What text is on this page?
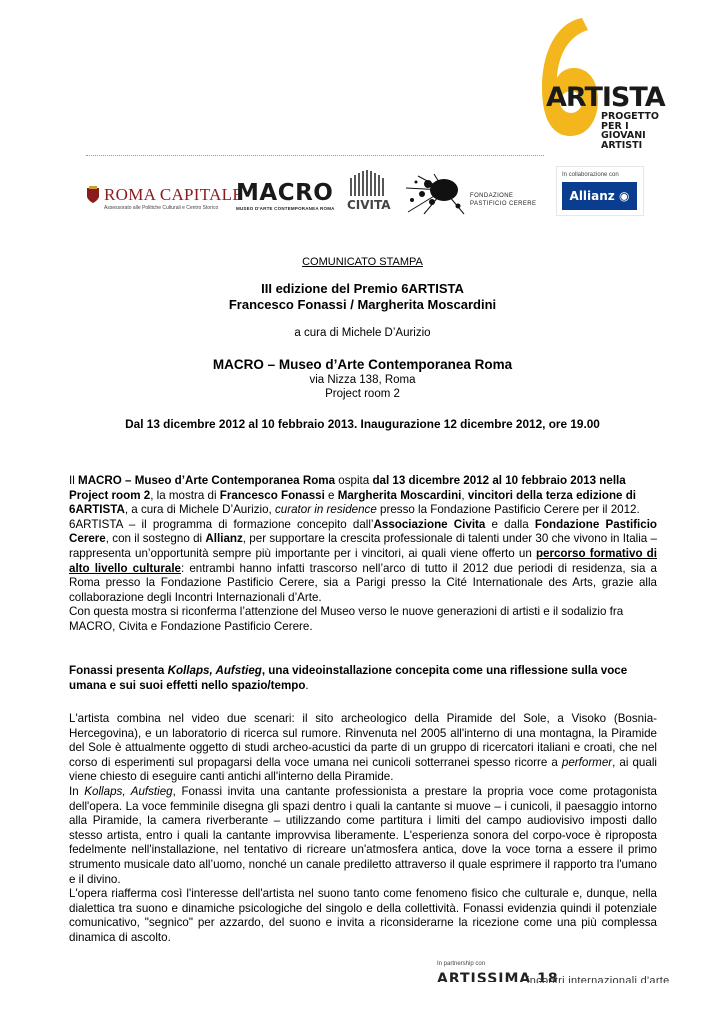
ARTISTA
PROGETTO
PER I
GIOVANI
ARTISTI
In collaborazione con
Allianz
◉
ROMA CAPITALE
Assessorato alle Politiche Culturali e Centro Storico
MACRO
MUSEO D'ARTE CONTEMPORANEA ROMA CIVITA
FONDAZIONE
PASTIFICIO CERERE
COMUNICATO STAMPA
III edizione del Premio 6ARTISTA
Francesco Fonassi / Margherita Moscardini
a cura di Michele D’Aurizio
MACRO – Museo d’Arte Contemporanea Roma
via Nizza 138, Roma
Project room 2
Dal 13 dicembre 2012 al 10 febbraio 2013. Inaugurazione 12 dicembre 2012, ore 19.00

Il MACRO – Museo d’Arte Contemporanea Roma ospita dal 13 dicembre 2012 al 10 febbraio 2013 nella Project room 2, la mostra di Francesco Fonassi e Margherita Moscardini, vincitori della terza edizione di 6ARTISTA, a cura di Michele D’Aurizio, curator in residence presso la Fondazione Pastificio Cerere per il 2012.

6ARTISTA – il programma di formazione concepito dall’Associazione Civita e dalla Fondazione Pastificio Cerere, con il sostegno di Allianz, per supportare la crescita professionale di talenti under 30 che vivono in Italia – rappresenta un’opportunità sempre più importante per i vincitori, ai quali viene offerto un percorso formativo di alto livello culturale: entrambi hanno infatti trascorso nell’arco di tutto il 2012 due periodi di residenza, sia a Roma presso la Fondazione Pastificio Cerere, sia a Parigi presso la Cité Internationale des Arts, grazie alla collaborazione degli Incontri Internazionali d’Arte.

Con questa mostra si riconferma l’attenzione del Museo verso le nuove generazioni di artisti e il sodalizio fra MACRO, Civita e Fondazione Pastificio Cerere.

Fonassi presenta Kollaps, Aufstieg, una videoinstallazione concepita come una riflessione sulla voce umana e sui suoi effetti nello spazio/tempo.

L'artista combina nel video due scenari: il sito archeologico della Piramide del Sole, a Visoko (Bosnia-Hercegovina), e un laboratorio di ricerca sul rumore. Rinvenuta nel 2005 all'interno di una montagna, la Piramide del Sole è attualmente oggetto di studi archeo-acustici da parte di un gruppo di ricercatori italiani e croati, che nel corso di esperimenti sul propagarsi della voce umana nei cunicoli sotterranei spesso ricorre a performer, ai quali viene chiesto di eseguire canti antichi all'interno della Piramide.

In Kollaps, Aufstieg, Fonassi invita una cantante professionista a prestare la propria voce come protagonista dell'opera. La voce femminile disegna gli spazi dentro i quali la cantante si muove – i cunicoli, il paesaggio intorno alla Piramide, la camera riverberante – utilizzando come partitura i limiti del campo audiovisivo imposti dallo stesso artista, entro i quali la cantante improvvisa liberamente. L'esperienza sonora del corpo-voce è riproposta fedelmente nell'installazione, nel tentativo di ricreare un'atmosfera antica, dove la voce torna a essere il primo strumento musicale dato all’uomo, nonché un canale prediletto attraverso il quale esprimere il rapporto tra l'umano e il divino.

L'opera riafferma così l'interesse dell'artista nel suono tanto come fenomeno fisico che culturale e, dunque, nella dialettica tra suono e dinamiche psicologiche del singolo e della collettività. Fonassi evidenzia quindi il potenziale comunicativo, "segnico" per azzardo, del suono e invita a riconsiderarne la ricezione come una più complessa dinamica di ascolto.

In partnership con
ARTISSIMA 18
incontri internazionali d'arte
